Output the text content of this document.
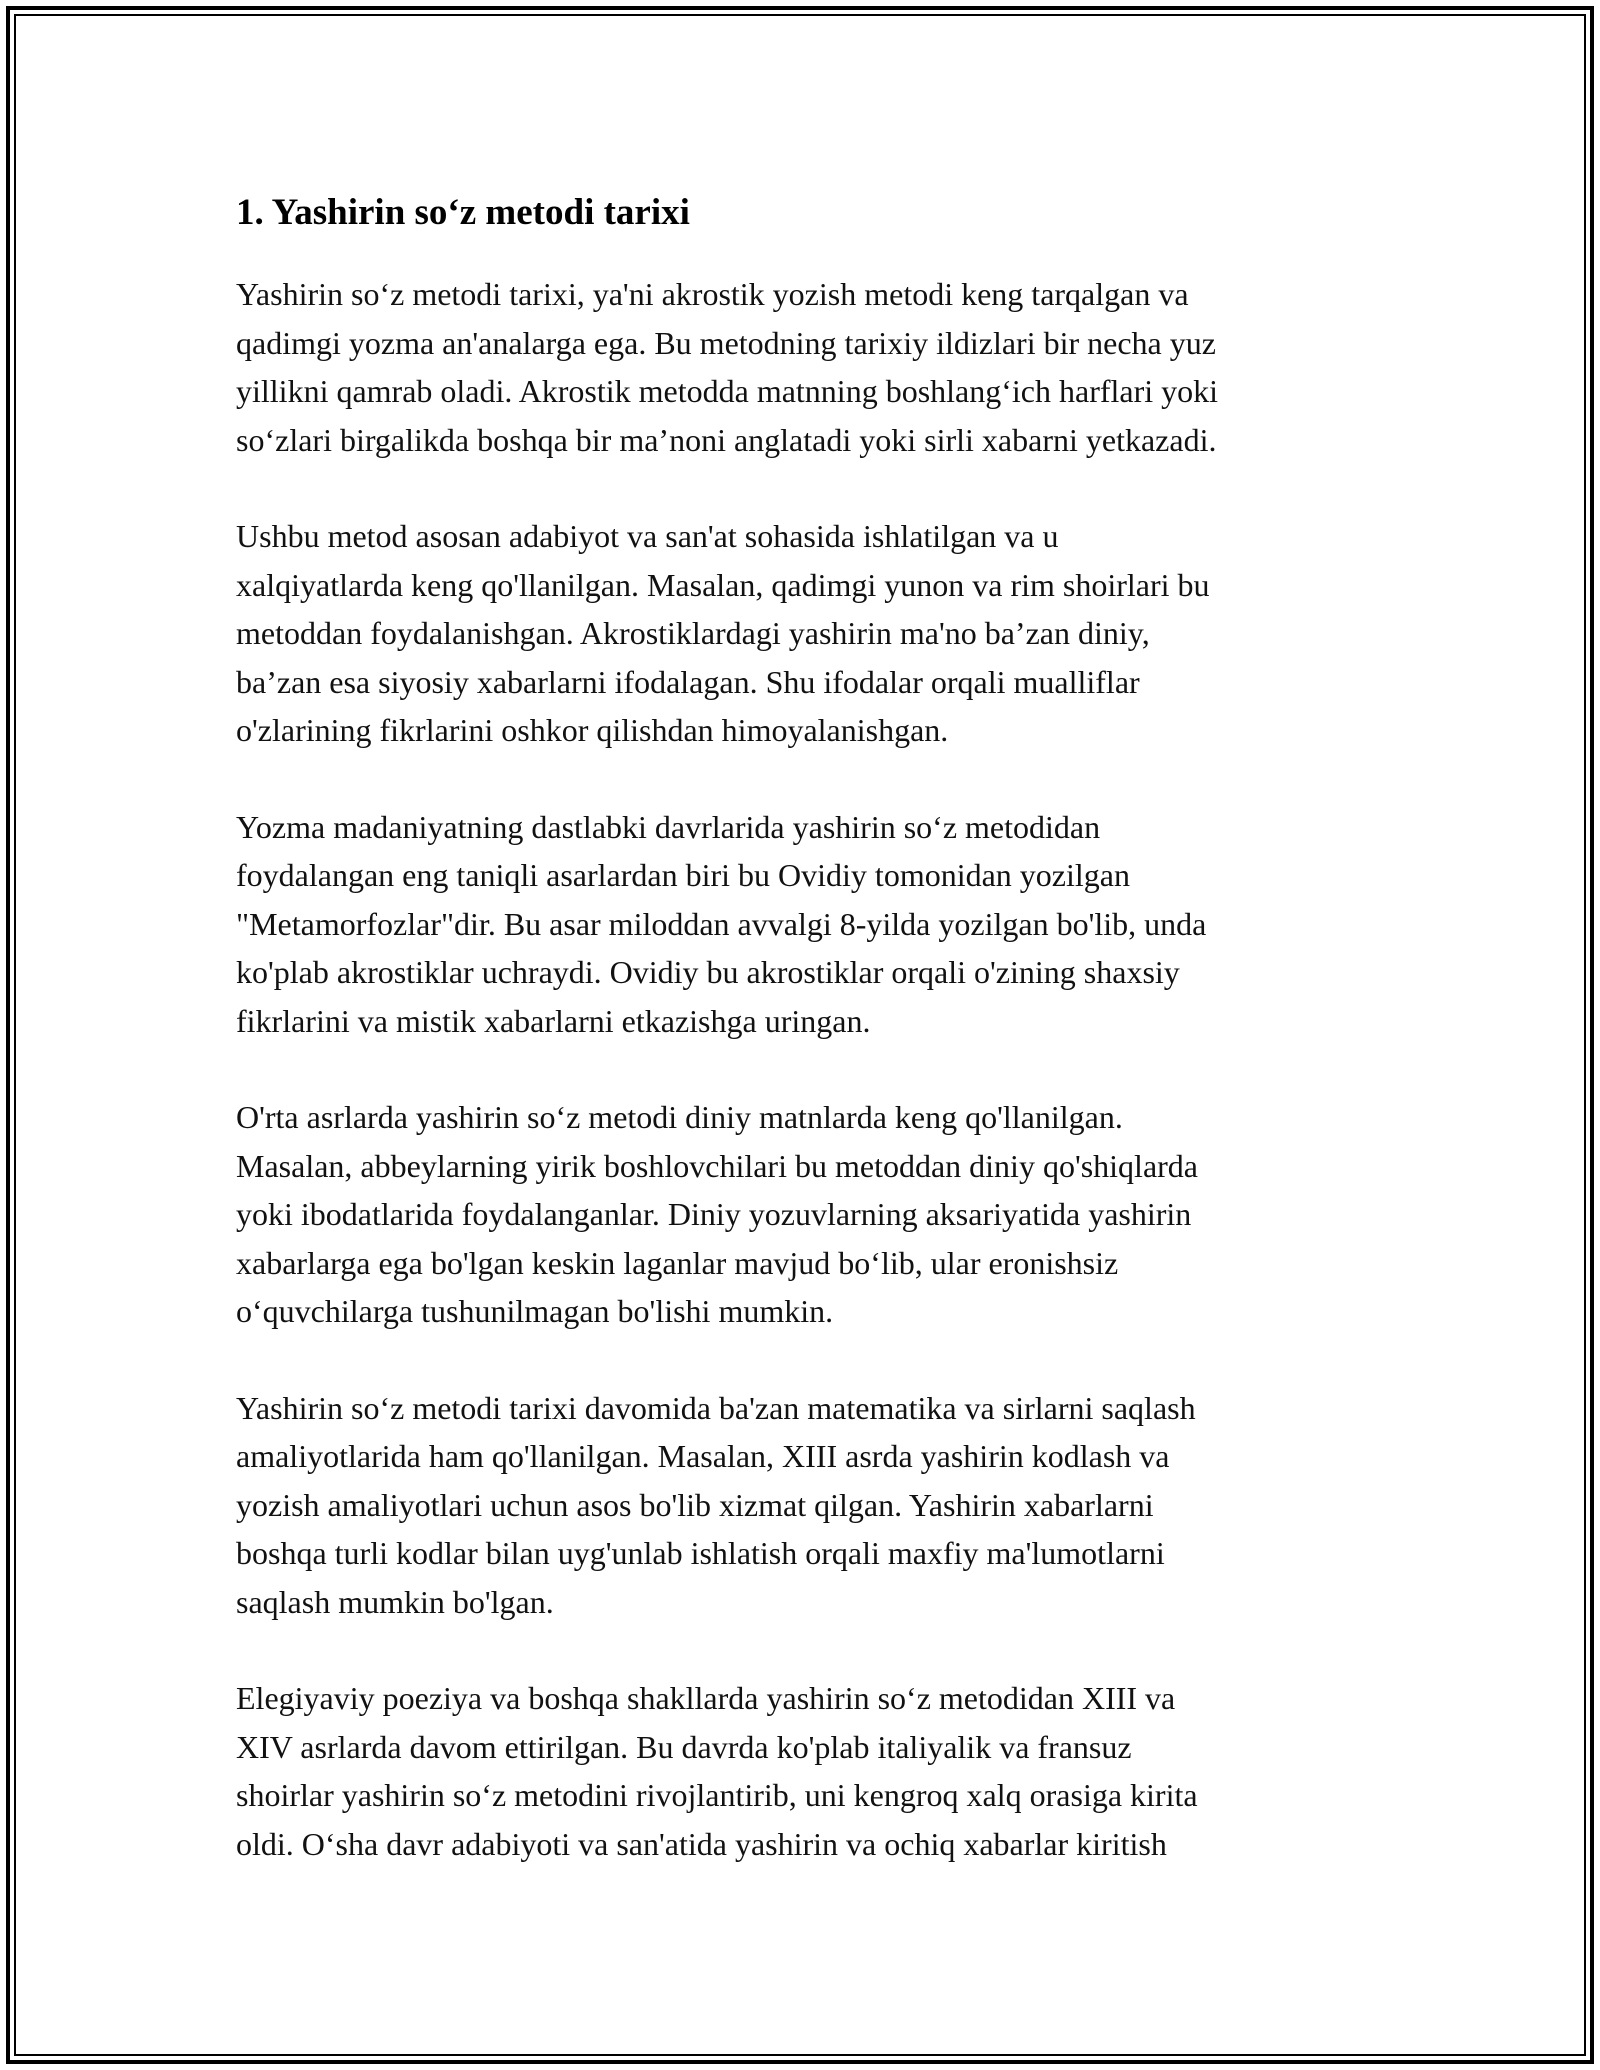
1. Yashirin so‘z metodi tarixi

Yashirin so‘z metodi tarixi, ya'ni akrostik yozish metodi keng tarqalgan va
qadimgi yozma an'analarga ega. Bu metodning tarixiy ildizlari bir necha yuz
yillikni qamrab oladi. Akrostik metodda matnning boshlang‘ich harflari yoki
so‘zlari birgalikda boshqa bir ma’noni anglatadi yoki sirli xabarni yetkazadi.

Ushbu metod asosan adabiyot va san'at sohasida ishlatilgan va u
xalqiyatlarda keng qo'llanilgan. Masalan, qadimgi yunon va rim shoirlari bu
metoddan foydalanishgan. Akrostiklardagi yashirin ma'no ba’zan diniy,
ba’zan esa siyosiy xabarlarni ifodalagan. Shu ifodalar orqali mualliflar
o'zlarining fikrlarini oshkor qilishdan himoyalanishgan.

Yozma madaniyatning dastlabki davrlarida yashirin so‘z metodidan
foydalangan eng taniqli asarlardan biri bu Ovidiy tomonidan yozilgan
"Metamorfozlar"dir. Bu asar miloddan avvalgi 8-yilda yozilgan bo'lib, unda
ko'plab akrostiklar uchraydi. Ovidiy bu akrostiklar orqali o'zining shaxsiy
fikrlarini va mistik xabarlarni etkazishga uringan.

O'rta asrlarda yashirin so‘z metodi diniy matnlarda keng qo'llanilgan.
Masalan, abbeylarning yirik boshlovchilari bu metoddan diniy qo'shiqlarda
yoki ibodatlarida foydalanganlar. Diniy yozuvlarning aksariyatida yashirin
xabarlarga ega bo'lgan keskin laganlar mavjud bo‘lib, ular eronishsiz
o‘quvchilarga tushunilmagan bo'lishi mumkin.

Yashirin so‘z metodi tarixi davomida ba'zan matematika va sirlarni saqlash
amaliyotlarida ham qo'llanilgan. Masalan, XIII asrda yashirin kodlash va
yozish amaliyotlari uchun asos bo'lib xizmat qilgan. Yashirin xabarlarni
boshqa turli kodlar bilan uyg'unlab ishlatish orqali maxfiy ma'lumotlarni
saqlash mumkin bo'lgan.

Elegiyaviy poeziya va boshqa shakllarda yashirin so‘z metodidan XIII va
XIV asrlarda davom ettirilgan. Bu davrda ko'plab italiyalik va fransuz
shoirlar yashirin so‘z metodini rivojlantirib, uni kengroq xalq orasiga kirita
oldi. O‘sha davr adabiyoti va san'atida yashirin va ochiq xabarlar kiritish
